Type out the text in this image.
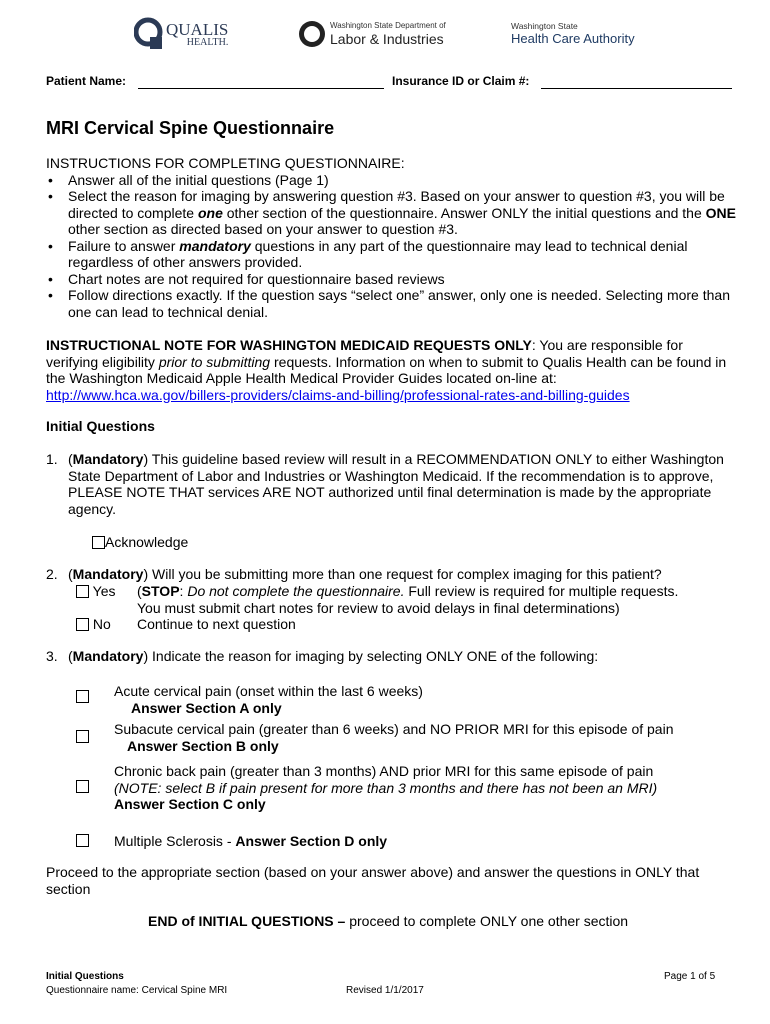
QUALIS
HEALTH.
Washington State Department of
Labor & Industries
Washington State
Health Care Authority
Patient Name:	Insurance ID or Claim #:
MRI Cervical Spine Questionnaire
INSTRUCTIONS FOR COMPLETING QUESTIONNAIRE:
• Answer all of the initial questions (Page 1)
• Select the reason for imaging by answering question #3. Based on your answer to question #3, you will be directed to complete one other section of the questionnaire. Answer ONLY the initial questions and the ONE other section as directed based on your answer to question #3.
• Failure to answer mandatory questions in any part of the questionnaire may lead to technical denial regardless of other answers provided.
• Chart notes are not required for questionnaire based reviews
• Follow directions exactly. If the question says “select one” answer, only one is needed. Selecting more than one can lead to technical denial.
INSTRUCTIONAL NOTE FOR WASHINGTON MEDICAID REQUESTS ONLY: You are responsible for verifying eligibility prior to submitting requests. Information on when to submit to Qualis Health can be found in the Washington Medicaid Apple Health Medical Provider Guides located on-line at:
http://www.hca.wa.gov/billers-providers/claims-and-billing/professional-rates-and-billing-guides
Initial Questions
1. (Mandatory) This guideline based review will result in a RECOMMENDATION ONLY to either Washington State Department of Labor and Industries or Washington Medicaid. If the recommendation is to approve, PLEASE NOTE THAT services ARE NOT authorized until final determination is made by the appropriate agency.
Acknowledge
2. (Mandatory) Will you be submitting more than one request for complex imaging for this patient?
Yes (STOP: Do not complete the questionnaire. Full review is required for multiple requests.
You must submit chart notes for review to avoid delays in final determinations)
No Continue to next question
3. (Mandatory) Indicate the reason for imaging by selecting ONLY ONE of the following:
Acute cervical pain (onset within the last 6 weeks)
Answer Section A only
Subacute cervical pain (greater than 6 weeks) and NO PRIOR MRI for this episode of pain
Answer Section B only
Chronic back pain (greater than 3 months) AND prior MRI for this same episode of pain
(NOTE: select B if pain present for more than 3 months and there has not been an MRI)
Answer Section C only
Multiple Sclerosis - Answer Section D only
Proceed to the appropriate section (based on your answer above) and answer the questions in ONLY that section
END of INITIAL QUESTIONS – proceed to complete ONLY one other section
Initial Questions
Questionnaire name: Cervical Spine MRI	Revised 1/1/2017
Page 1 of 5
